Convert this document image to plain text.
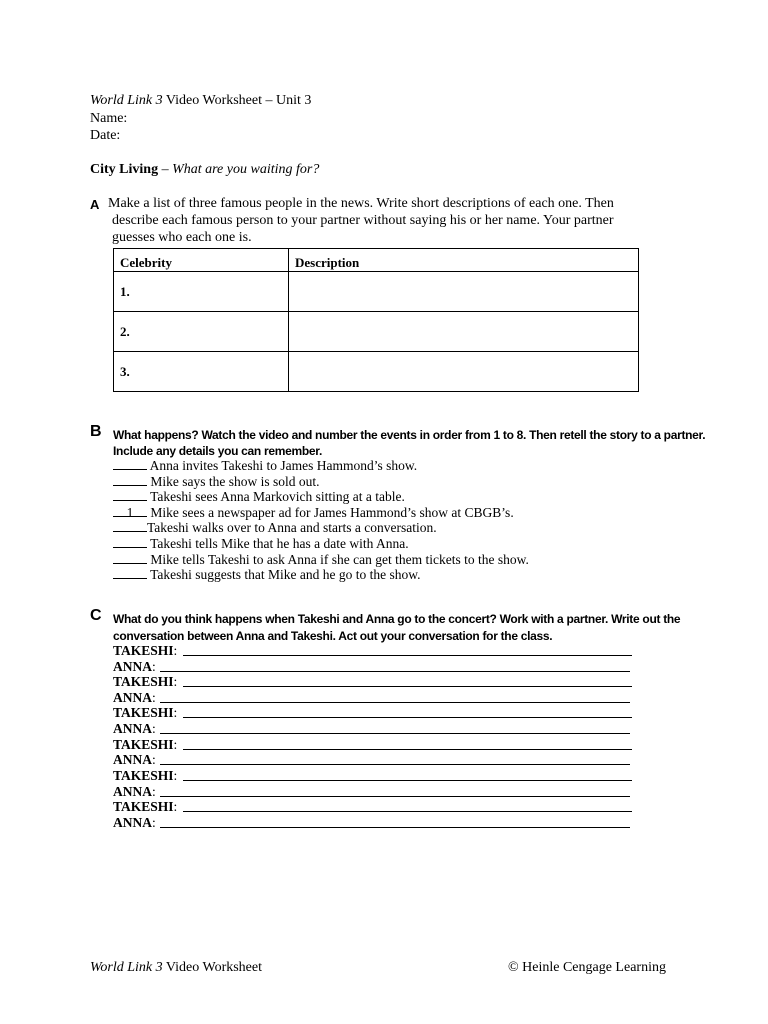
World Link 3 Video Worksheet – Unit 3
Name:
Date:
City Living – What are you waiting for?
A Make a list of three famous people in the news. Write short descriptions of each one. Then
describe each famous person to your partner without saying his or her name. Your partner
guesses who each one is.
Celebrity	Description
1.	
2.	
3.	
B What happens? Watch the video and number the events in order from 1 to 8. Then retell the story to a partner.
Include any details you can remember.
Anna invites Takeshi to James Hammond’s show.
Mike says the show is sold out.
Takeshi sees Anna Markovich sitting at a table.
1 Mike sees a newspaper ad for James Hammond’s show at CBGB’s.
Takeshi walks over to Anna and starts a conversation.
Takeshi tells Mike that he has a date with Anna.
Mike tells Takeshi to ask Anna if she can get them tickets to the show.
Takeshi suggests that Mike and he go to the show.
C What do you think happens when Takeshi and Anna go to the concert? Work with a partner. Write out the
conversation between Anna and Takeshi. Act out your conversation for the class.
TAKESHI:
ANNA:
TAKESHI:
ANNA:
TAKESHI:
ANNA:
TAKESHI:
ANNA:
TAKESHI:
ANNA:
TAKESHI:
ANNA:
World Link 3 Video Worksheet	© Heinle Cengage Learning
